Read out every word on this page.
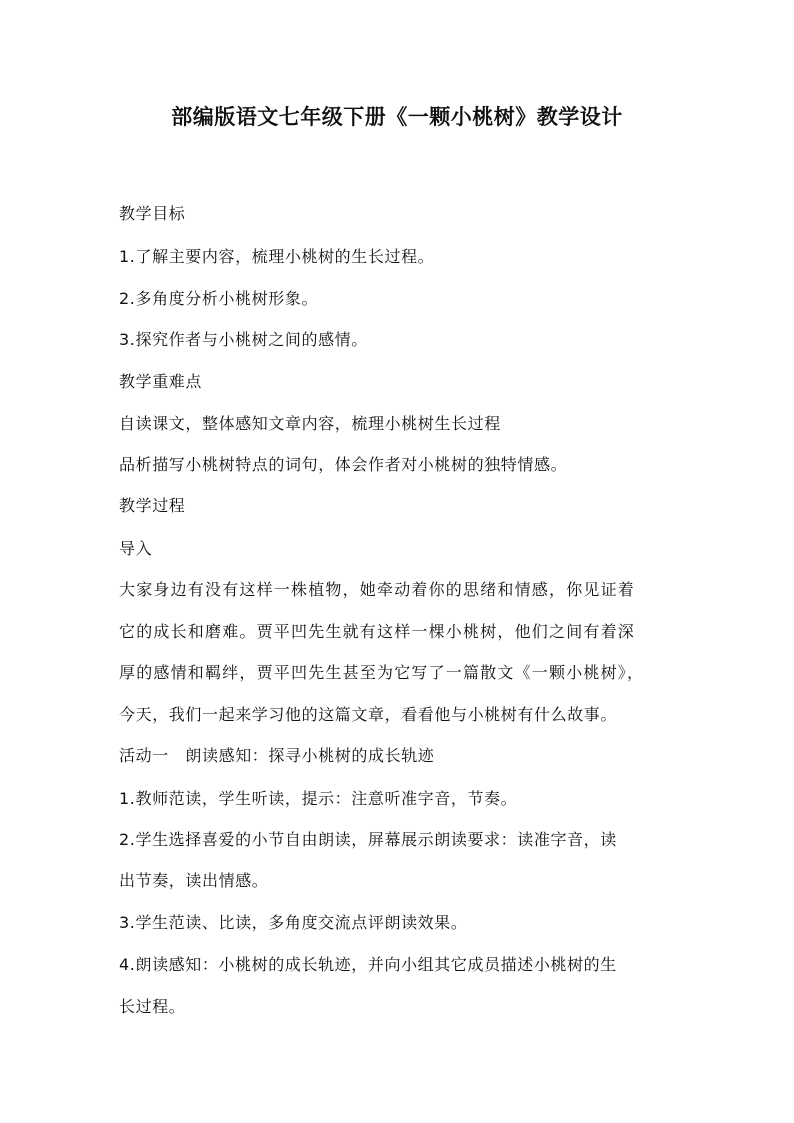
部编版语文七年级下册《一颗小桃树》教学设计
教学目标
1.了解主要内容，梳理小桃树的生长过程。
2.多角度分析小桃树形象。
3.探究作者与小桃树之间的感情。
教学重难点
自读课文，整体感知文章内容，梳理小桃树生长过程
品析描写小桃树特点的词句，体会作者对小桃树的独特情感。
教学过程
导入
大家身边有没有这样一株植物，她牵动着你的思绪和情感，你见证着
它的成长和磨难。贾平凹先生就有这样一棵小桃树，他们之间有着深
厚的感情和羁绊，贾平凹先生甚至为它写了一篇散文《一颗小桃树》，
今天，我们一起来学习他的这篇文章，看看他与小桃树有什么故事。
活动一　朗读感知：探寻小桃树的成长轨迹
1.教师范读，学生听读，提示：注意听准字音，节奏。
2.学生选择喜爱的小节自由朗读，屏幕展示朗读要求：读准字音，读
出节奏，读出情感。
3.学生范读、比读，多角度交流点评朗读效果。
4.朗读感知：小桃树的成长轨迹，并向小组其它成员描述小桃树的生
长过程。
